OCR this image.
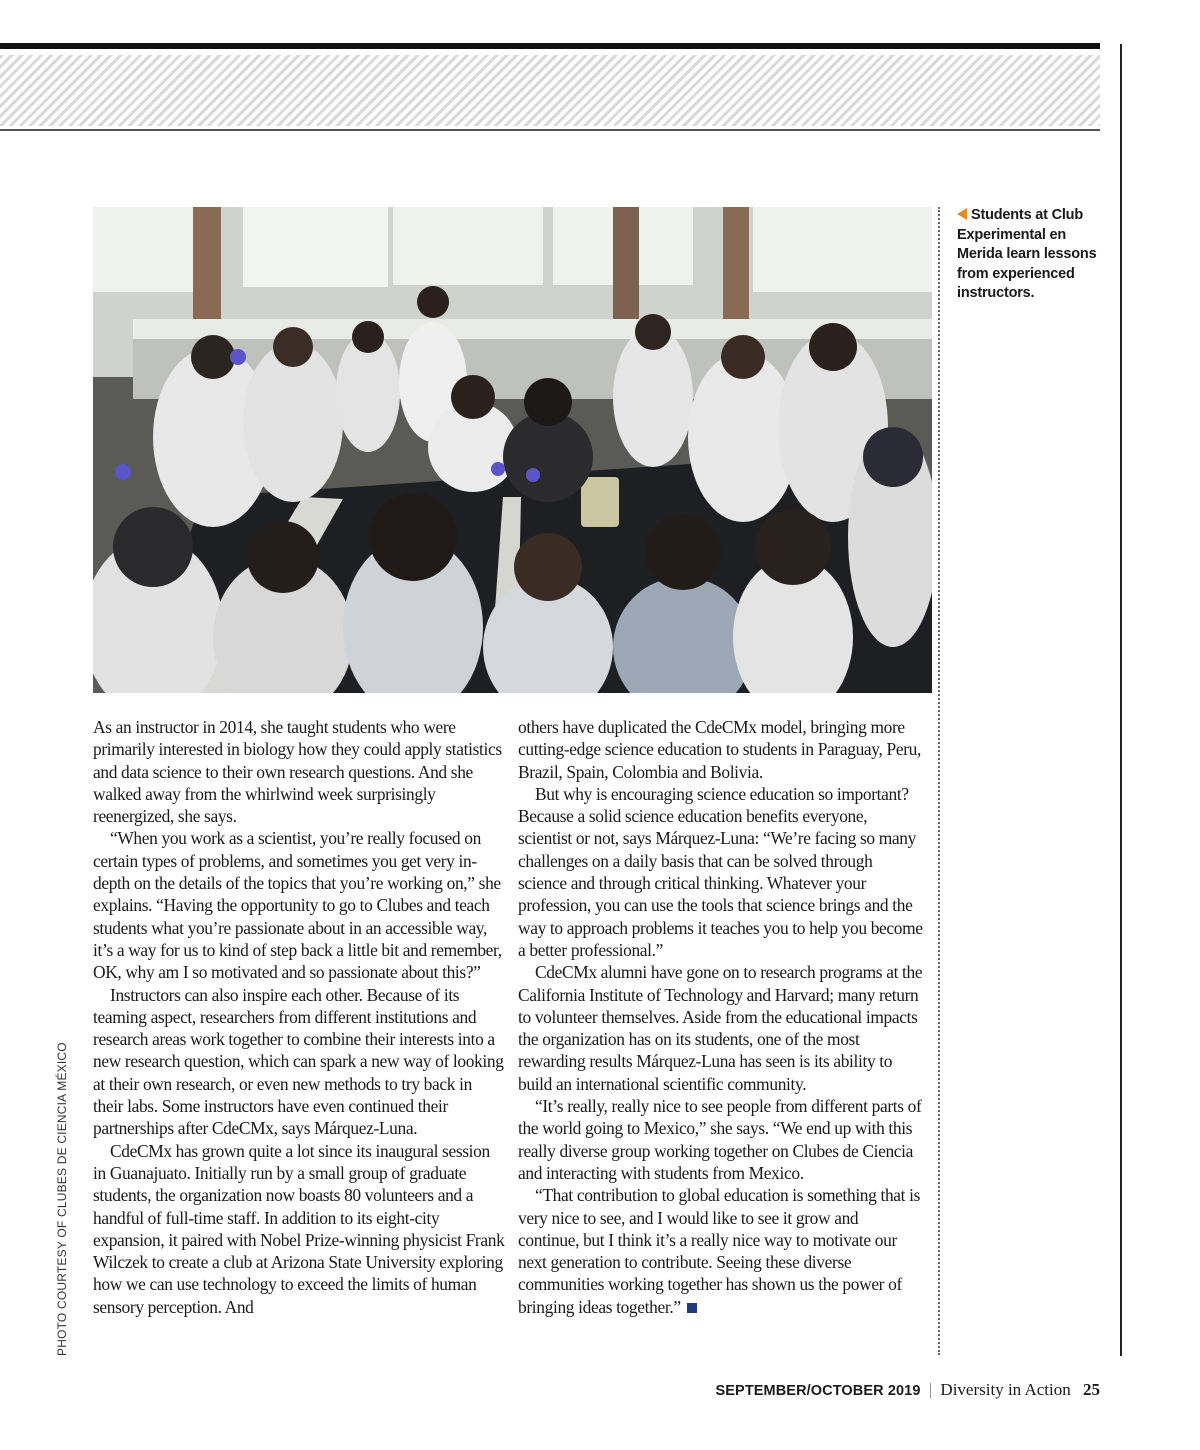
Students at Club Experimental en Merida learn lessons from experienced instructors.
PHOTO COURTESY OF CLUBES DE CIENCIA MÉXICO

As an instructor in 2014, she taught students who were primarily interested in biology how they could apply statistics and data science to their own research questions. And she walked away from the whirlwind week surprisingly reenergized, she says.

“When you work as a scientist, you’re really focused on certain types of problems, and sometimes you get very in-depth on the details of the topics that you’re working on,” she explains. “Having the opportunity to go to Clubes and teach students what you’re passionate about in an accessible way, it’s a way for us to kind of step back a little bit and remember, OK, why am I so motivated and so passionate about this?”

Instructors can also inspire each other. Because of its teaming aspect, researchers from different institutions and research areas work together to combine their interests into a new research question, which can spark a new way of looking at their own research, or even new methods to try back in their labs. Some instructors have even continued their partnerships after CdeCMx, says Márquez-Luna.

CdeCMx has grown quite a lot since its inaugural session in Guanajuato. Initially run by a small group of graduate students, the organization now boasts 80 volunteers and a handful of full-time staff. In addition to its eight-city expansion, it paired with Nobel Prize-winning physicist Frank Wilczek to create a club at Arizona State University exploring how we can use technology to exceed the limits of human sensory perception. And

others have duplicated the CdeCMx model, bringing more cutting-edge science education to students in Paraguay, Peru, Brazil, Spain, Colombia and Bolivia.

But why is encouraging science education so important? Because a solid science education benefits everyone, scientist or not, says Márquez-Luna: “We’re facing so many challenges on a daily basis that can be solved through science and through critical thinking. Whatever your profession, you can use the tools that science brings and the way to approach problems it teaches you to help you become a better professional.”

CdeCMx alumni have gone on to research programs at the California Institute of Technology and Harvard; many return to volunteer themselves. Aside from the educational impacts the organization has on its students, one of the most rewarding results Márquez-Luna has seen is its ability to build an international scientific community.

“It’s really, really nice to see people from different parts of the world going to Mexico,” she says. “We end up with this really diverse group working together on Clubes de Ciencia and interacting with students from Mexico.

“That contribution to global education is something that is very nice to see, and I would like to see it grow and continue, but I think it’s a really nice way to motivate our next generation to contribute. Seeing these diverse communities working together has shown us the power of bringing ideas together.”

SEPTEMBER/OCTOBER 2019 | Diversity in Action 25
